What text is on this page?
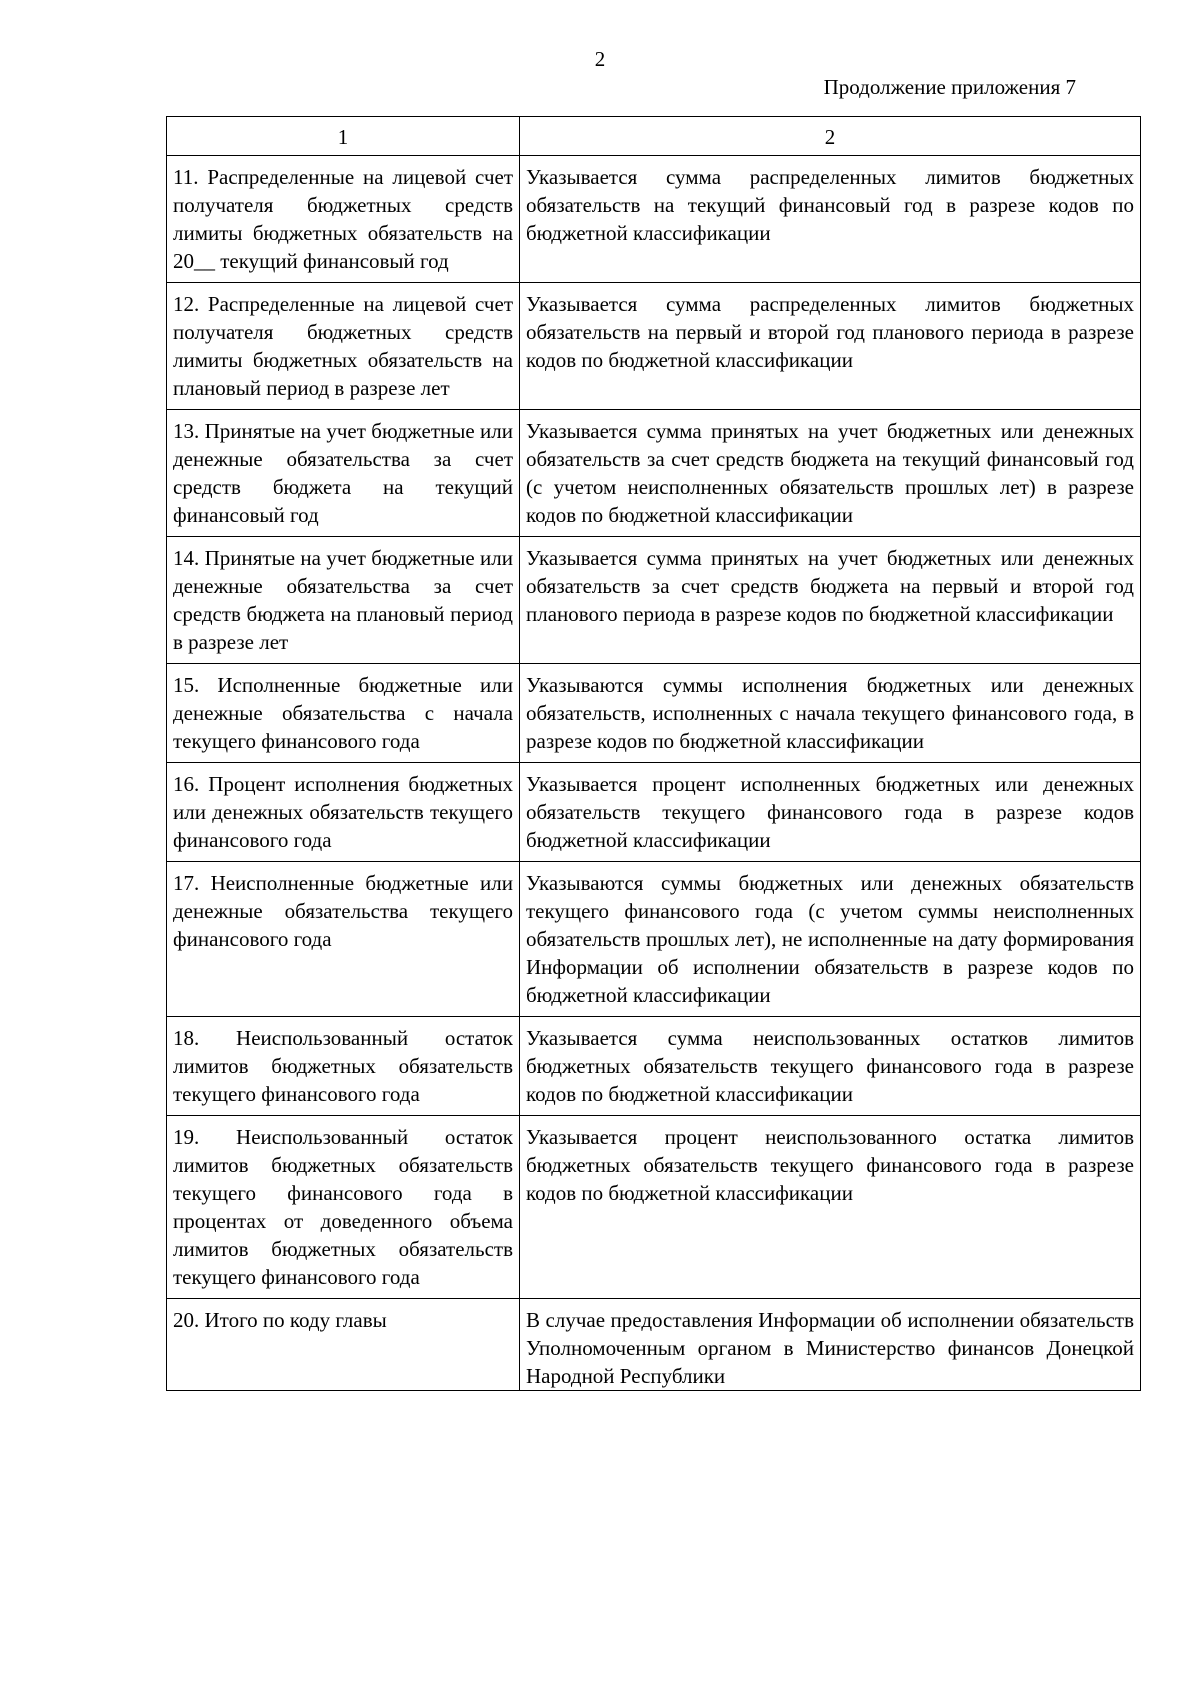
2
Продолжение приложения 7
1	2

11. Распределенные на лицевой счет получателя бюджетных средств лимиты бюджетных обязательств на 20__ текущий финансовый год	Указывается сумма распределенных лимитов бюджетных обязательств на текущий финансовый год в разрезе кодов по бюджетной классификации

12. Распределенные на лицевой счет получателя бюджетных средств лимиты бюджетных обязательств на плановый период в разрезе лет	Указывается сумма распределенных лимитов бюджетных обязательств на первый и второй год планового периода в разрезе кодов по бюджетной классификации

13. Принятые на учет бюджетные или денежные обязательства за счет средств бюджета на текущий финансовый год	Указывается сумма принятых на учет бюджетных или денежных обязательств за счет средств бюджета на текущий финансовый год (с учетом неисполненных обязательств прошлых лет) в разрезе кодов по бюджетной классификации

14. Принятые на учет бюджетные или денежные обязательства за счет средств бюджета на плановый период в разрезе лет	Указывается сумма принятых на учет бюджетных или денежных обязательств за счет средств бюджета на первый и второй год планового периода в разрезе кодов по бюджетной классификации

15. Исполненные бюджетные или денежные обязательства с начала текущего финансового года	Указываются суммы исполнения бюджетных или денежных обязательств, исполненных с начала текущего финансового года, в разрезе кодов по бюджетной классификации

16. Процент исполнения бюджетных или денежных обязательств текущего финансового года	Указывается процент исполненных бюджетных или денежных обязательств текущего финансового года в разрезе кодов бюджетной классификации

17. Неисполненные бюджетные или денежные обязательства текущего финансового года	Указываются суммы бюджетных или денежных обязательств текущего финансового года (с учетом суммы неисполненных обязательств прошлых лет), не исполненные на дату формирования Информации об исполнении обязательств в разрезе кодов по бюджетной классификации

18. Неиспользованный остаток лимитов бюджетных обязательств текущего финансового года	Указывается сумма неиспользованных остатков лимитов бюджетных обязательств текущего финансового года в разрезе кодов по бюджетной классификации

19. Неиспользованный остаток лимитов бюджетных обязательств текущего финансового года в процентах от доведенного объема лимитов бюджетных обязательств текущего финансового года	Указывается процент неиспользованного остатка лимитов бюджетных обязательств текущего финансового года в разрезе кодов по бюджетной классификации

20. Итого по коду главы	В случае предоставления Информации об исполнении обязательств Уполномоченным органом в Министерство финансов Донецкой Народной Республики
